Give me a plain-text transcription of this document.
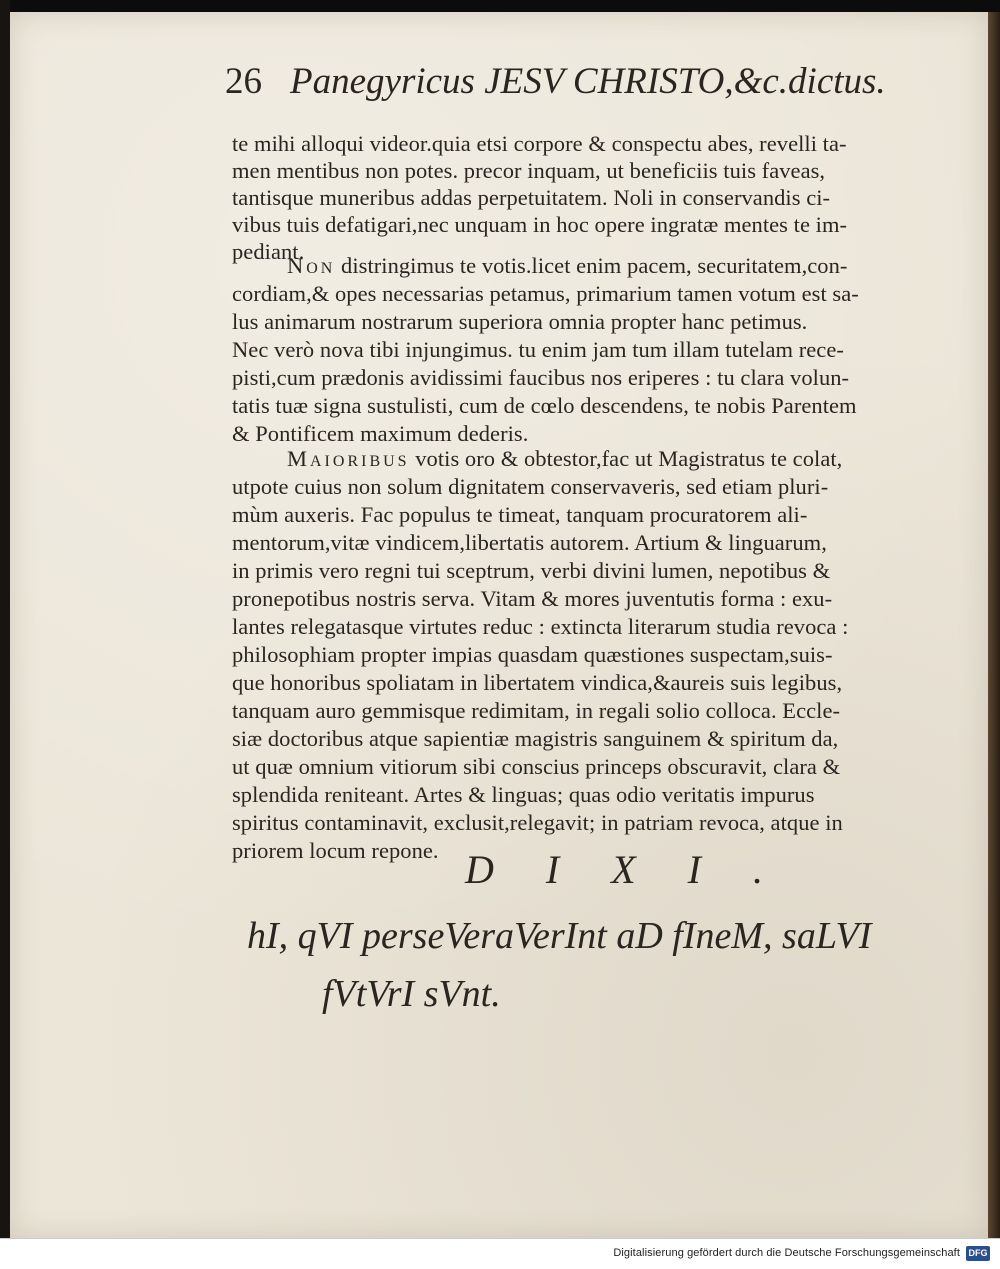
26 Panegyricus JESV CHRISTO,&c.dictus.
te mihi alloqui videor.quia etsi corpore & conspectu abes, revelli ta-
men mentibus non potes. precor inquam, ut beneficiis tuis faveas,
tantisque muneribus addas perpetuitatem. Noli in conservandis ci-
vibus tuis defatigari,nec unquam in hoc opere ingratæ mentes te im-
pediant.
Non distringimus te votis.licet enim pacem, securitatem,con-
cordiam,& opes necessarias petamus, primarium tamen votum est sa-
lus animarum nostrarum superiora omnia propter hanc petimus.
Nec verò nova tibi injungimus. tu enim jam tum illam tutelam rece-
pisti,cum prædonis avidissimi faucibus nos eriperes : tu clara volun-
tatis tuæ signa sustulisti, cum de cœlo descendens, te nobis Parentem
& Pontificem maximum dederis.
Maioribus votis oro & obtestor,fac ut Magistratus te colat,
utpote cuius non solum dignitatem conservaveris, sed etiam pluri-
mùm auxeris. Fac populus te timeat, tanquam procuratorem ali-
mentorum,vitæ vindicem,libertatis autorem. Artium & linguarum,
in primis vero regni tui sceptrum, verbi divini lumen, nepotibus &
pronepotibus nostris serva. Vitam & mores juventutis forma : exu-
lantes relegatasque virtutes reduc : extincta literarum studia revoca :
philosophiam propter impias quasdam quæstiones suspectam,suis-
que honoribus spoliatam in libertatem vindica,&aureis suis legibus,
tanquam auro gemmisque redimitam, in regali solio colloca. Eccle-
siæ doctoribus atque sapientiæ magistris sanguinem & spiritum da,
ut quæ omnium vitiorum sibi conscius princeps obscuravit, clara &
splendida reniteant. Artes & linguas; quas odio veritatis impurus
spiritus contaminavit, exclusit,relegavit; in patriam revoca, atque in
priorem locum repone. DIXI.
hI, qVI perseVeraVerInt aD fIneM, saLVI
fVtVrI sVnt.
Digitalisierung gefördert durch die Deutsche Forschungsgemeinschaft DFG
